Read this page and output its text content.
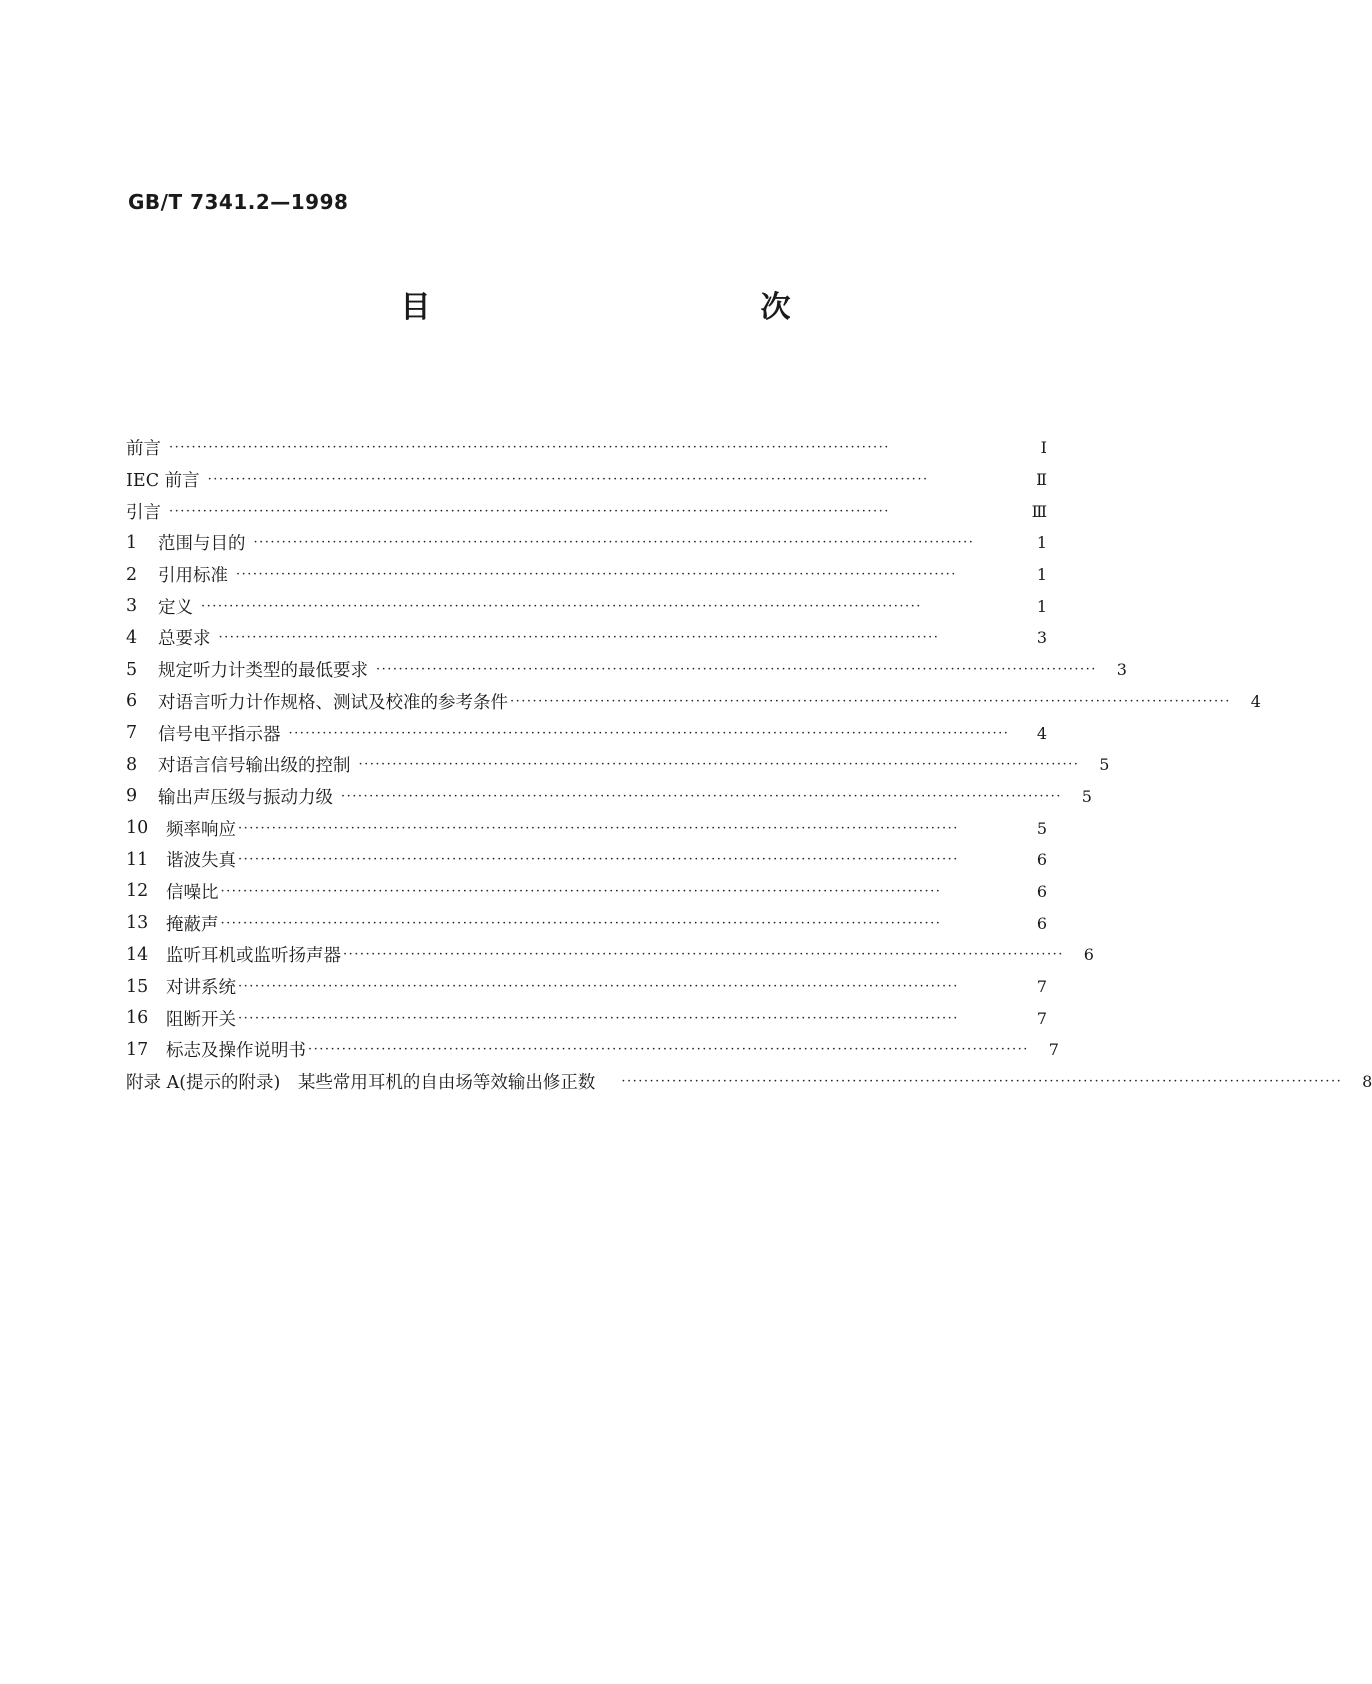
GB/T 7341.2—1998
目　　次
前言 ································································································································	Ⅰ
IEC 前言 ································································································································	Ⅱ
引言 ································································································································	Ⅲ
1	范围与目的 ································································································································	1
2	引用标准 ································································································································	1
3	定义 ································································································································	1
4	总要求 ································································································································	3
5	规定听力计类型的最低要求 ································································································································	3
6	对语言听力计作规格、测试及校准的参考条件 ································································································································	4
7	信号电平指示器 ································································································································	4
8	对语言信号输出级的控制 ································································································································	5
9	输出声压级与振动力级 ································································································································	5
10	频率响应 ································································································································	5
11	谐波失真 ································································································································	6
12	信噪比 ································································································································	6
13	掩蔽声 ································································································································	6
14	监听耳机或监听扬声器 ································································································································	6
15	对讲系统 ································································································································	7
16	阻断开关 ································································································································	7
17	标志及操作说明书 ································································································································	7
附录 A(提示的附录)　某些常用耳机的自由场等效输出修正数 ································································································································	8
